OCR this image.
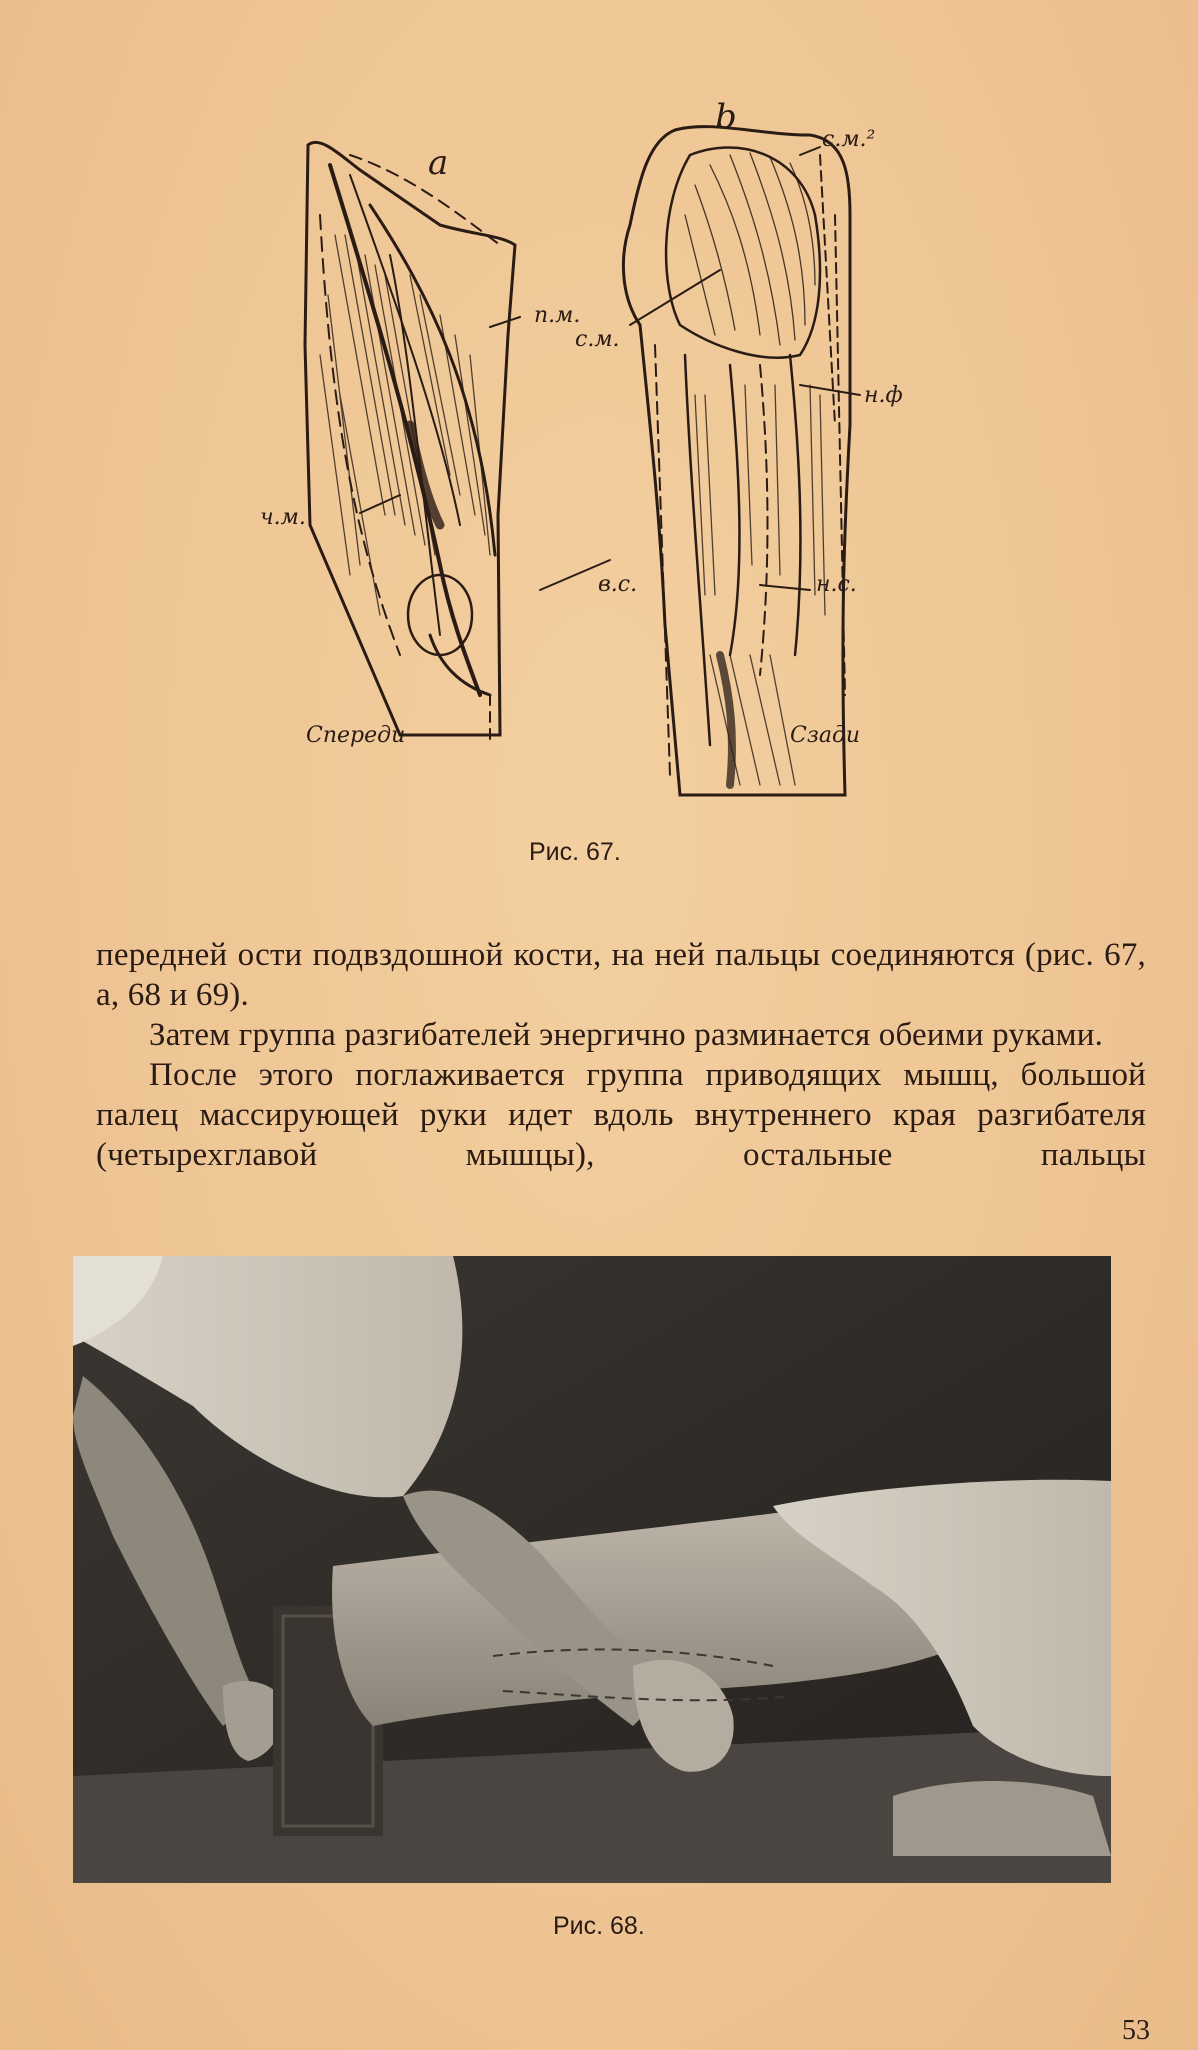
a
b
п.м.
ч.м.
Спереди
с.м.²
с.м.
н.ф
в.с.	н.с.
Сзади
Рис. 67.

передней ости подвздошной кости, на ней пальцы соединяются (рис. 67, а, 68 и 69).

Затем группа разгибателей энергично разминается обеими руками.

После этого поглаживается группа приводящих мышц, большой палец массирующей руки идет вдоль внутреннего края разгибателя (четырехглавой мышцы), остальные пальцы

Рис. 68.
53
